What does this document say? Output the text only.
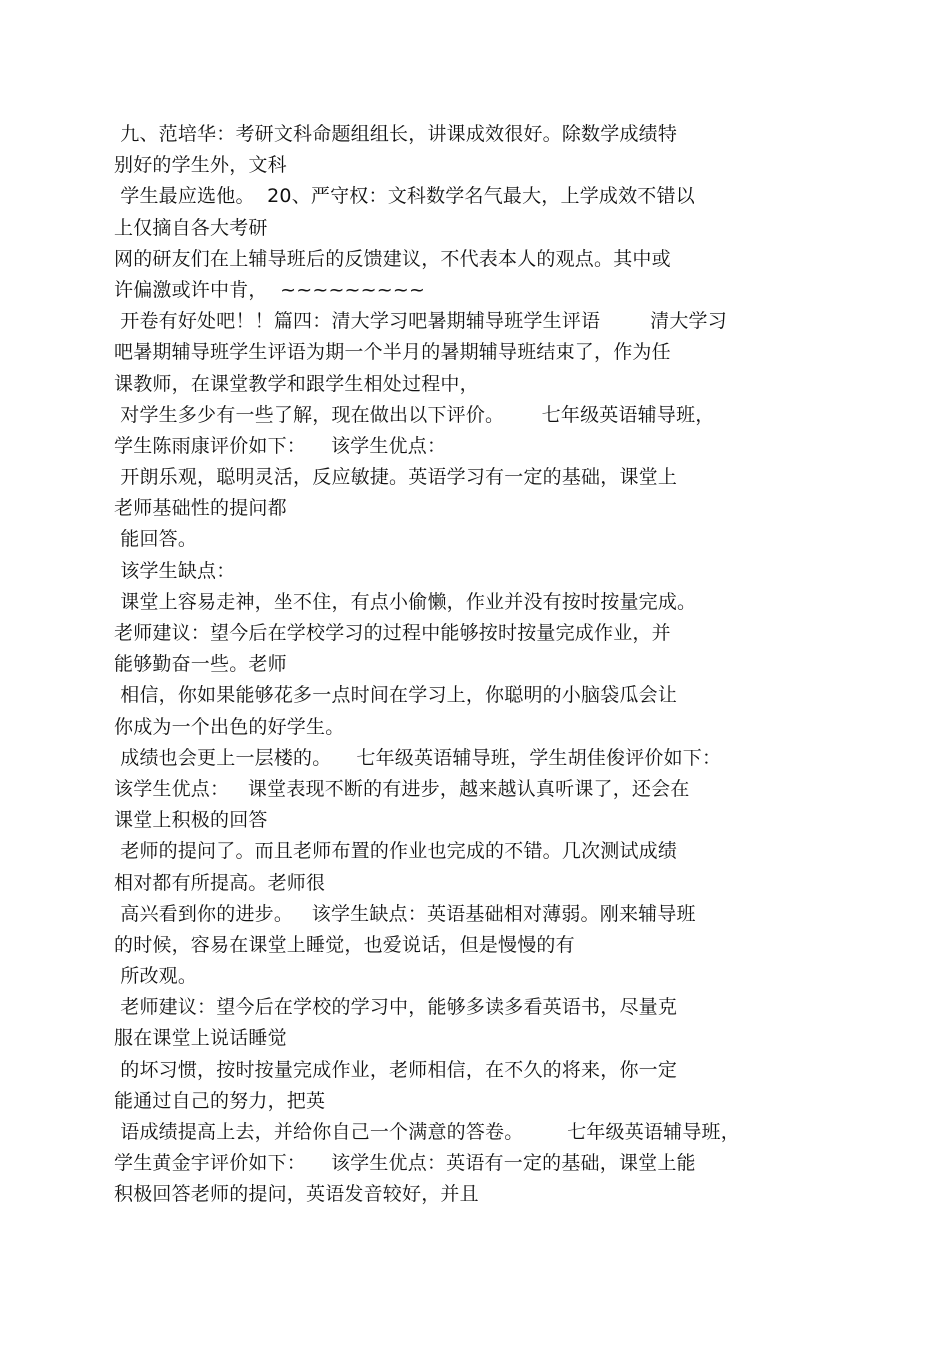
九、范培华：考研文科命题组组长，讲课成效很好。除数学成绩特
别好的学生外，文科
学生最应选他。  20、严守权：文科数学名气最大，上学成效不错以
上仅摘自各大考研
网的研友们在上辅导班后的反馈建议，不代表本人的观点。其中或
许偏激或许中肯，  ~~~~~~~~~
开卷有好处吧！！篇四：清大学习吧暑期辅导班学生评语        清大学习
吧暑期辅导班学生评语为期一个半月的暑期辅导班结束了，作为任
课教师，在课堂教学和跟学生相处过程中，
对学生多少有一些了解，现在做出以下评价。      七年级英语辅导班，
学生陈雨康评价如下：    该学生优点：
开朗乐观，聪明灵活，反应敏捷。英语学习有一定的基础，课堂上
老师基础性的提问都
能回答。
该学生缺点：
课堂上容易走神，坐不住，有点小偷懒，作业并没有按时按量完成。
老师建议：望今后在学校学习的过程中能够按时按量完成作业，并
能够勤奋一些。老师
相信，你如果能够花多一点时间在学习上，你聪明的小脑袋瓜会让
你成为一个出色的好学生。
成绩也会更上一层楼的。    七年级英语辅导班，学生胡佳俊评价如下：
该学生优点：   课堂表现不断的有进步，越来越认真听课了，还会在
课堂上积极的回答
老师的提问了。而且老师布置的作业也完成的不错。几次测试成绩
相对都有所提高。老师很
高兴看到你的进步。   该学生缺点：英语基础相对薄弱。刚来辅导班
的时候，容易在课堂上睡觉，也爱说话，但是慢慢的有
所改观。
老师建议：望今后在学校的学习中，能够多读多看英语书，尽量克
服在课堂上说话睡觉
的坏习惯，按时按量完成作业，老师相信，在不久的将来，你一定
能通过自己的努力，把英
语成绩提高上去，并给你自己一个满意的答卷。       七年级英语辅导班，
学生黄金宇评价如下：    该学生优点：英语有一定的基础，课堂上能
积极回答老师的提问，英语发音较好，并且
